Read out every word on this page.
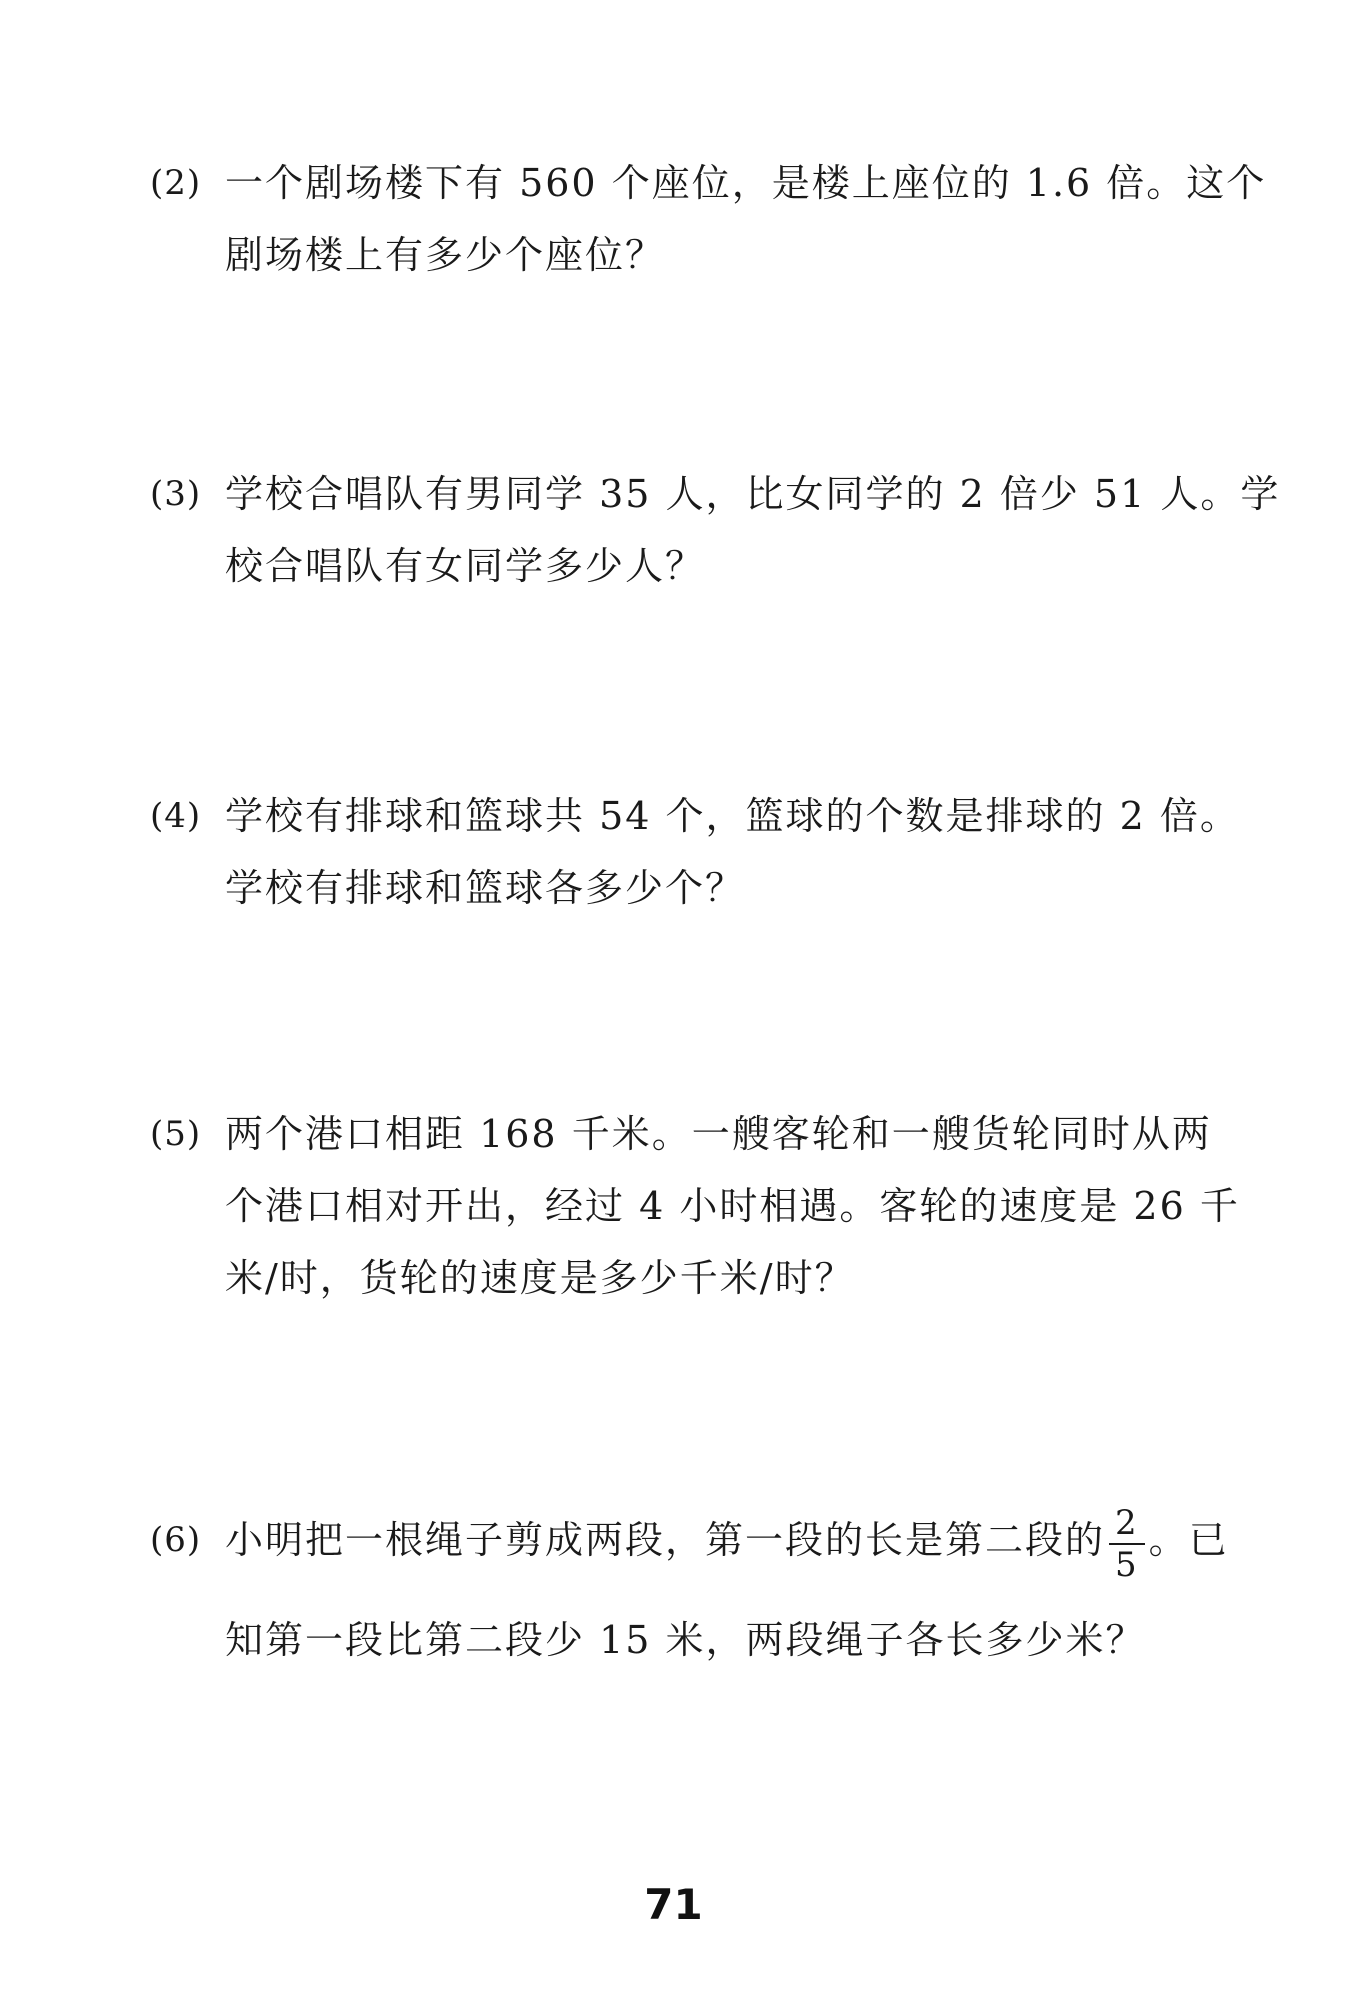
(2) 一个剧场楼下有 560 个座位，是楼上座位的 1.6 倍。这个
剧场楼上有多少个座位？
(3) 学校合唱队有男同学 35 人，比女同学的 2 倍少 51 人。学
校合唱队有女同学多少人？
(4) 学校有排球和篮球共 54 个，篮球的个数是排球的 2 倍。
学校有排球和篮球各多少个？
(5) 两个港口相距 168 千米。一艘客轮和一艘货轮同时从两
个港口相对开出，经过 4 小时相遇。客轮的速度是 26 千
米/时，货轮的速度是多少千米/时？
(6) 小明把一根绳子剪成两段，第一段的长是第二段的 $\frac{2}{5}$ 。已
知第一段比第二段少 15 米，两段绳子各长多少米？
71
